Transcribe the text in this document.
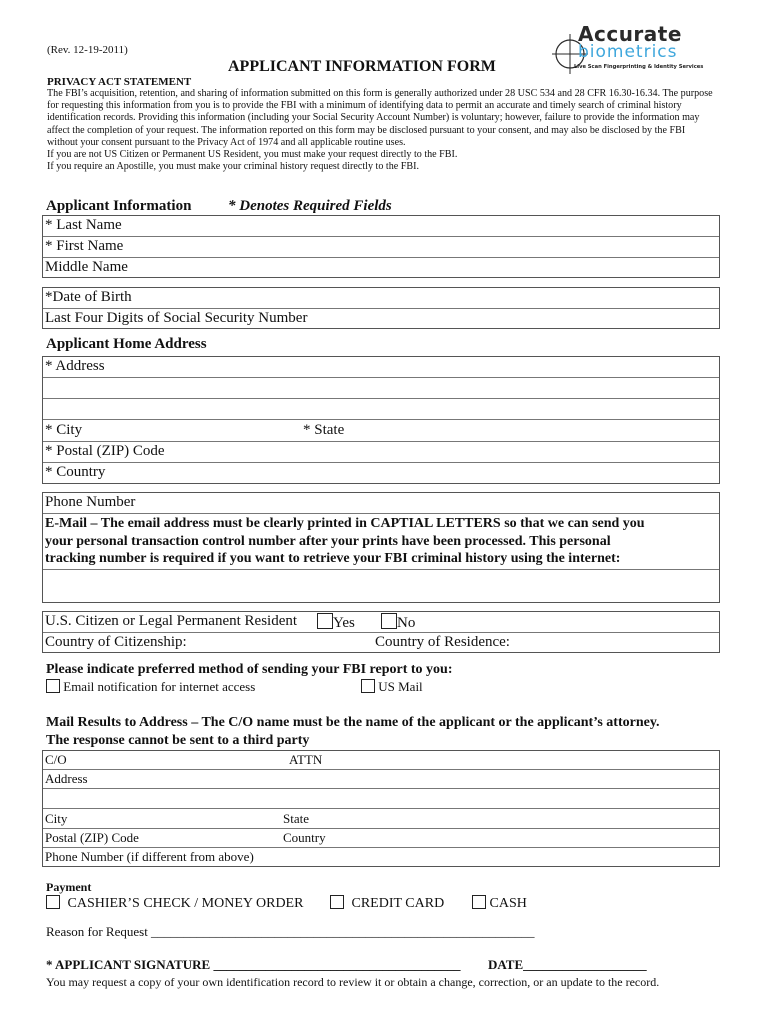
(Rev. 12-19-2011)
APPLICANT INFORMATION FORM
Accurate
biometrics
Live Scan Fingerprinting & Identity Services
PRIVACY ACT STATEMENT
The FBI’s acquisition, retention, and sharing of information submitted on this form is generally authorized under 28 USC 534 and 28 CFR 16.30-16.34. The purpose
for requesting this information from you is to provide the FBI with a minimum of identifying data to permit an accurate and timely search of criminal history
identification records. Providing this information (including your Social Security Account Number) is voluntary; however, failure to provide the information may
affect the completion of your request. The information reported on this form may be disclosed pursuant to your consent, and may also be disclosed by the FBI
without your consent pursuant to the Privacy Act of 1974 and all applicable routine uses.
If you are not US Citizen or Permanent US Resident, you must make your request directly to the FBI.
If you require an Apostille, you must make your criminal history request directly to the FBI.
Applicant Information * Denotes Required Fields
* Last Name
* First Name
Middle Name
*Date of Birth
Last Four Digits of Social Security Number
Applicant Home Address
* Address
* City	* State
* Postal (ZIP) Code
* Country
Phone Number
E-Mail – The email address must be clearly printed in CAPTIAL LETTERS so that we can send you
your personal transaction control number after your prints have been processed. This personal
tracking number is required if you want to retrieve your FBI criminal history using the internet:
U.S. Citizen or Legal Permanent Resident	Yes	No
Country of Citizenship:	Country of Residence:
Please indicate preferred method of sending your FBI report to you:
Email notification for internet access	US Mail
Mail Results to Address – The C/O name must be the name of the applicant or the applicant’s attorney.
The response cannot be sent to a third party
C/O	ATTN
Address
City	State
Postal (ZIP) Code	Country
Phone Number (if different from above)
Payment
CASHIER’S CHECK / MONEY ORDER	CREDIT CARD	CASH
Reason for Request ___________________________________________________________
* APPLICANT SIGNATURE ______________________________________ DATE___________________
You may request a copy of your own identification record to review it or obtain a change, correction, or an update to the record.
